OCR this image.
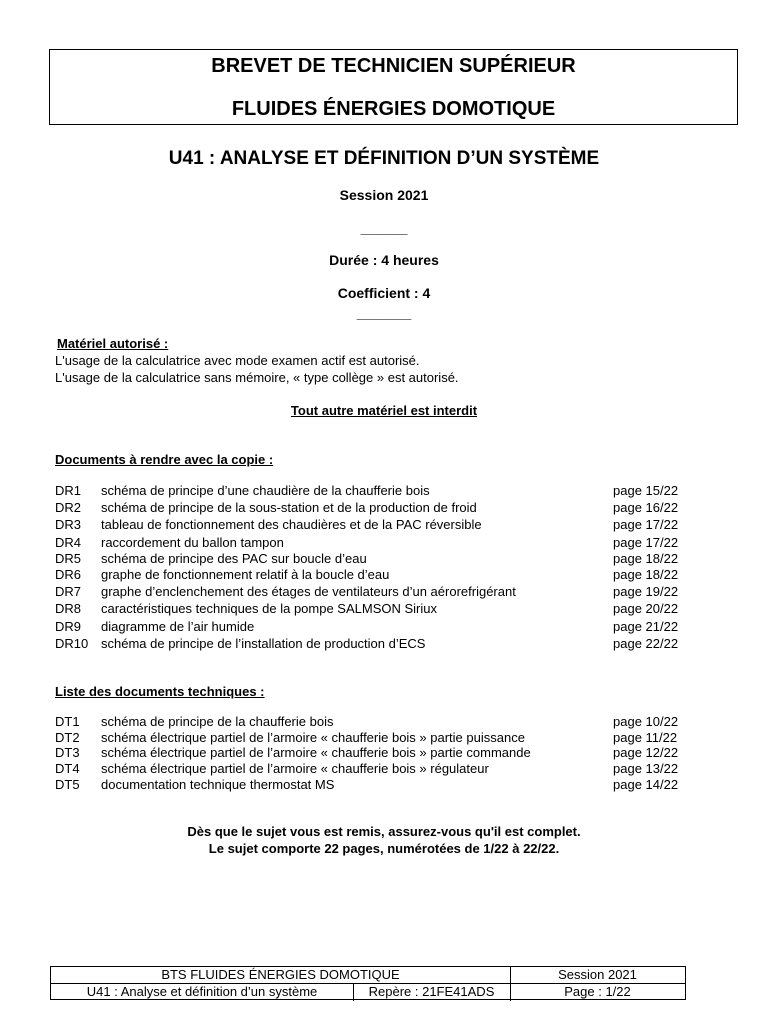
BREVET DE TECHNICIEN SUPÉRIEUR
FLUIDES ÉNERGIES DOMOTIQUE
U41 : ANALYSE ET DÉFINITION D’UN SYSTÈME
Session 2021
______
Durée : 4 heures
Coefficient : 4
_______
Matériel autorisé :
L'usage de la calculatrice avec mode examen actif est autorisé.
L'usage de la calculatrice sans mémoire, « type collège » est autorisé.
Tout autre matériel est interdit
Documents à rendre avec la copie :
DR1 schéma de principe d’une chaudière de la chaufferie bois	page 15/22
DR2 schéma de principe de la sous-station et de la production de froid	page 16/22
DR3 tableau de fonctionnement des chaudières et de la PAC réversible	page 17/22
DR4 raccordement du ballon tampon	page 17/22
DR5 schéma de principe des PAC sur boucle d’eau	page 18/22
DR6 graphe de fonctionnement relatif à la boucle d’eau	page 18/22
DR7 graphe d’enclenchement des étages de ventilateurs d’un aérorefrigérant	page 19/22
DR8 caractéristiques techniques de la pompe SALMSON Siriux	page 20/22
DR9 diagramme de l’air humide	page 21/22
DR10 schéma de principe de l’installation de production d’ECS	page 22/22
Liste des documents techniques :
DT1 schéma de principe de la chaufferie bois	page 10/22
DT2 schéma électrique partiel de l’armoire « chaufferie bois » partie puissance	page 11/22
DT3 schéma électrique partiel de l’armoire « chaufferie bois » partie commande	page 12/22
DT4 schéma électrique partiel de l’armoire « chaufferie bois » régulateur	page 13/22
DT5 documentation technique thermostat MS	page 14/22
Dès que le sujet vous est remis, assurez-vous qu'il est complet.
Le sujet comporte 22 pages, numérotées de 1/22 à 22/22.
BTS FLUIDES ÉNERGIES DOMOTIQUE	Session 2021
U41 : Analyse et définition d’un système	Repère : 21FE41ADS	Page : 1/22
